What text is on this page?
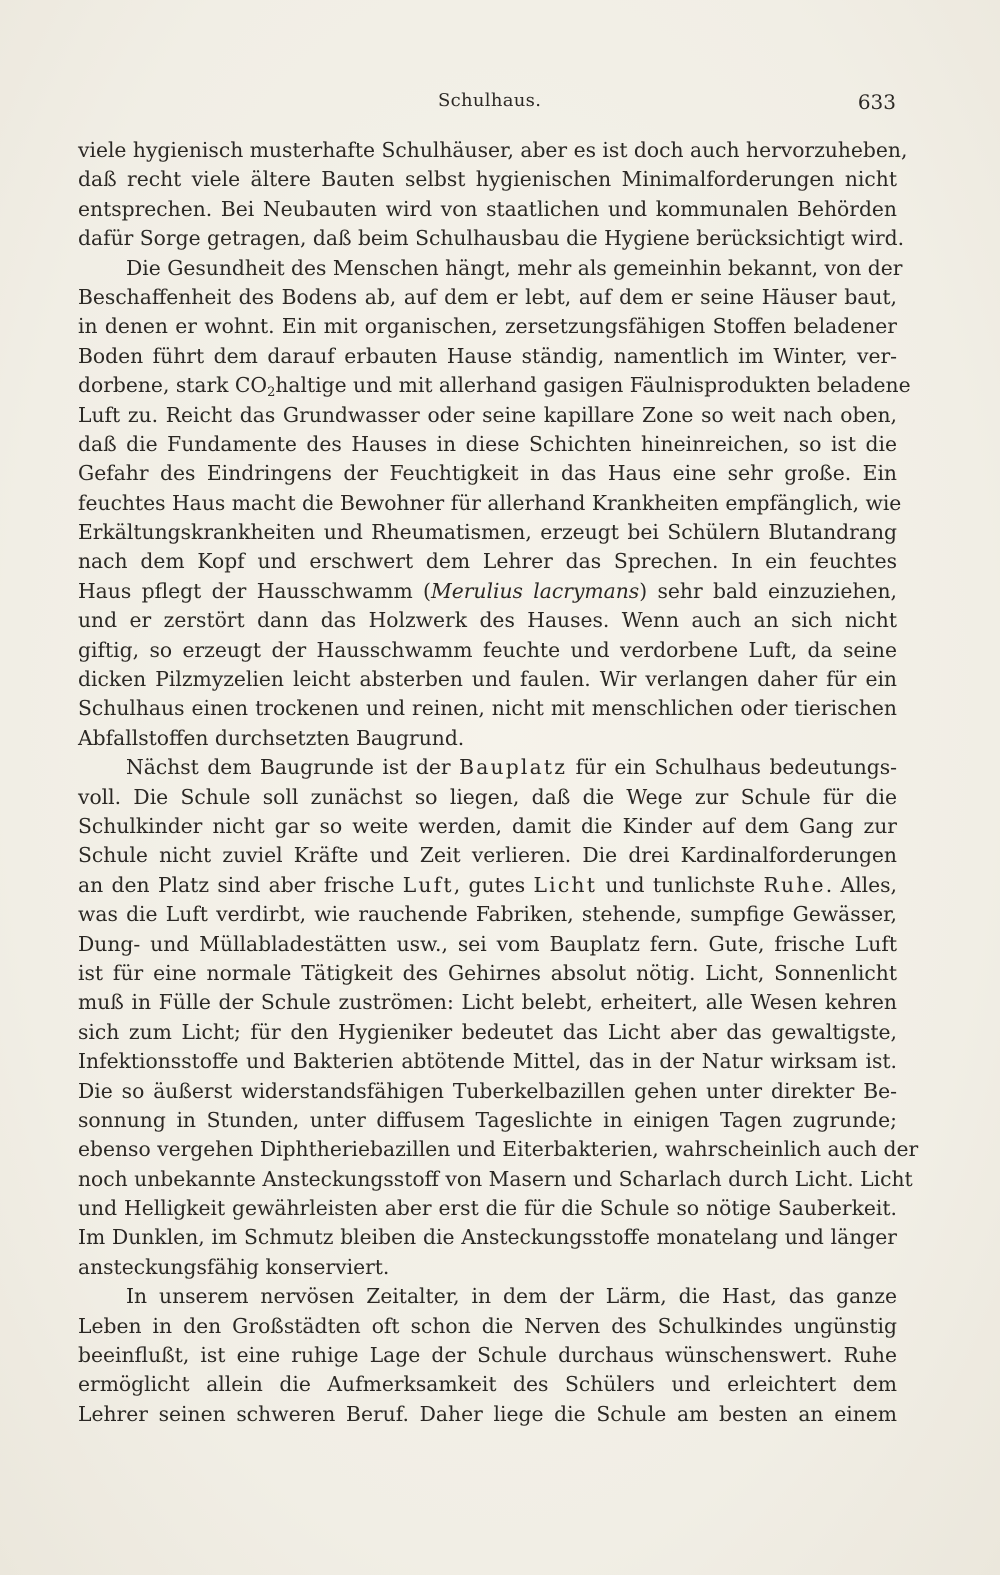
Schulhaus.	633
viele hygienisch musterhafte Schulhäuser, aber es ist doch auch hervorzuheben,
daß recht viele ältere Bauten selbst hygienischen Minimalforderungen nicht
entsprechen. Bei Neubauten wird von staatlichen und kommunalen Behörden
dafür Sorge getragen, daß beim Schulhausbau die Hygiene berücksichtigt wird.
Die Gesundheit des Menschen hängt, mehr als gemeinhin bekannt, von der
Beschaffenheit des Bodens ab, auf dem er lebt, auf dem er seine Häuser baut,
in denen er wohnt. Ein mit organischen, zersetzungsfähigen Stoffen beladener
Boden führt dem darauf erbauten Hause ständig, namentlich im Winter, ver-
dorbene, stark $CO_2haltige$ und mit allerhand gasigen Fäulnisprodukten beladene
Luft zu. Reicht das Grundwasser oder seine kapillare Zone so weit nach oben,
daß die Fundamente des Hauses in diese Schichten hineinreichen, so ist die
Gefahr des Eindringens der Feuchtigkeit in das Haus eine sehr große. Ein
feuchtes Haus macht die Bewohner für allerhand Krankheiten empfänglich, wie
Erkältungskrankheiten und Rheumatismen, erzeugt bei Schülern Blutandrang
nach dem Kopf und erschwert dem Lehrer das Sprechen. In ein feuchtes
Haus pflegt der Hausschwamm (Merulius lacrymans) sehr bald einzuziehen,
und er zerstört dann das Holzwerk des Hauses. Wenn auch an sich nicht
giftig, so erzeugt der Hausschwamm feuchte und verdorbene Luft, da seine
dicken Pilzmyzelien leicht absterben und faulen. Wir verlangen daher für ein
Schulhaus einen trockenen und reinen, nicht mit menschlichen oder tierischen
Abfallstoffen durchsetzten Baugrund.
Nächst dem Baugrunde ist der Bauplatz für ein Schulhaus bedeutungs-
voll. Die Schule soll zunächst so liegen, daß die Wege zur Schule für die
Schulkinder nicht gar so weite werden, damit die Kinder auf dem Gang zur
Schule nicht zuviel Kräfte und Zeit verlieren. Die drei Kardinalforderungen
an den Platz sind aber frische Luft, gutes Licht und tunlichste Ruhe. Alles,
was die Luft verdirbt, wie rauchende Fabriken, stehende, sumpfige Gewässer,
Dung- und Müllabladestätten usw., sei vom Bauplatz fern. Gute, frische Luft
ist für eine normale Tätigkeit des Gehirnes absolut nötig. Licht, Sonnenlicht
muß in Fülle der Schule zuströmen: Licht belebt, erheitert, alle Wesen kehren
sich zum Licht; für den Hygieniker bedeutet das Licht aber das gewaltigste,
Infektionsstoffe und Bakterien abtötende Mittel, das in der Natur wirksam ist.
Die so äußerst widerstandsfähigen Tuberkelbazillen gehen unter direkter Be-
sonnung in Stunden, unter diffusem Tageslichte in einigen Tagen zugrunde;
ebenso vergehen Diphtheriebazillen und Eiterbakterien, wahrscheinlich auch der
noch unbekannte Ansteckungsstoff von Masern und Scharlach durch Licht. Licht
und Helligkeit gewährleisten aber erst die für die Schule so nötige Sauberkeit.
Im Dunklen, im Schmutz bleiben die Ansteckungsstoffe monatelang und länger
ansteckungsfähig konserviert.
In unserem nervösen Zeitalter, in dem der Lärm, die Hast, das ganze
Leben in den Großstädten oft schon die Nerven des Schulkindes ungünstig
beeinflußt, ist eine ruhige Lage der Schule durchaus wünschenswert. Ruhe
ermöglicht allein die Aufmerksamkeit des Schülers und erleichtert dem
Lehrer seinen schweren Beruf. Daher liege die Schule am besten an einem
